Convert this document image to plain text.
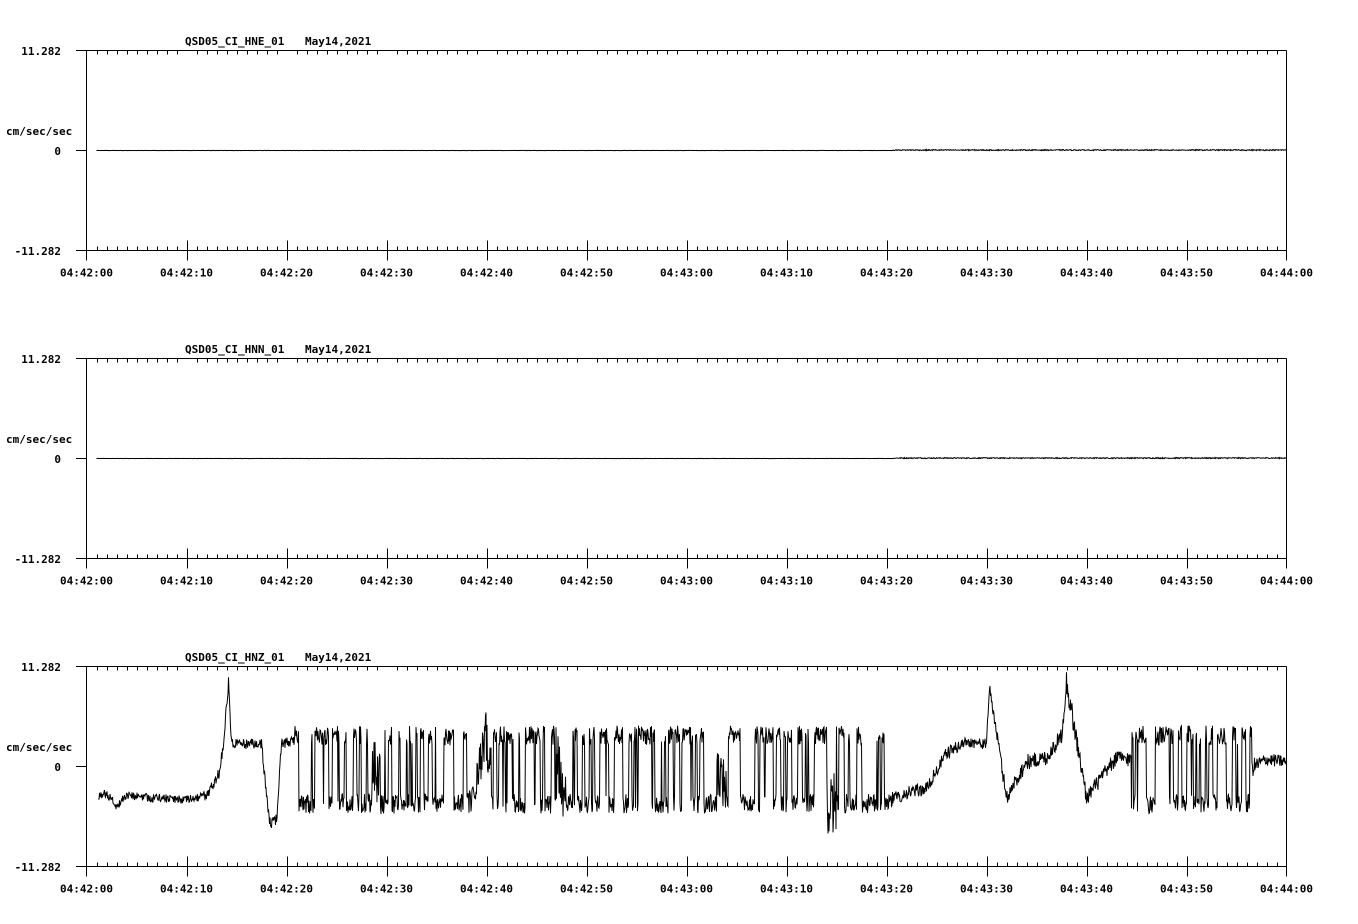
QSD05_CI_HNE_01 May14,2021
11.282
cm/sec/sec
0
-11.282
04:42:00	04:42:10	04:42:20	04:42:30	04:42:40	04:42:50	04:43:00	04:43:10	04:43:20	04:43:30	04:43:40	04:43:50	04:44:00
QSD05_CI_HNN_01 May14,2021
11.282
cm/sec/sec
0
-11.282
04:42:00	04:42:10	04:42:20	04:42:30	04:42:40	04:42:50	04:43:00	04:43:10	04:43:20	04:43:30	04:43:40	04:43:50	04:44:00
QSD05_CI_HNZ_01 May14,2021
11.282
cm/sec/sec
0
-11.282
04:42:00	04:42:10	04:42:20	04:42:30	04:42:40	04:42:50	04:43:00	04:43:10	04:43:20	04:43:30	04:43:40	04:43:50	04:44:00
